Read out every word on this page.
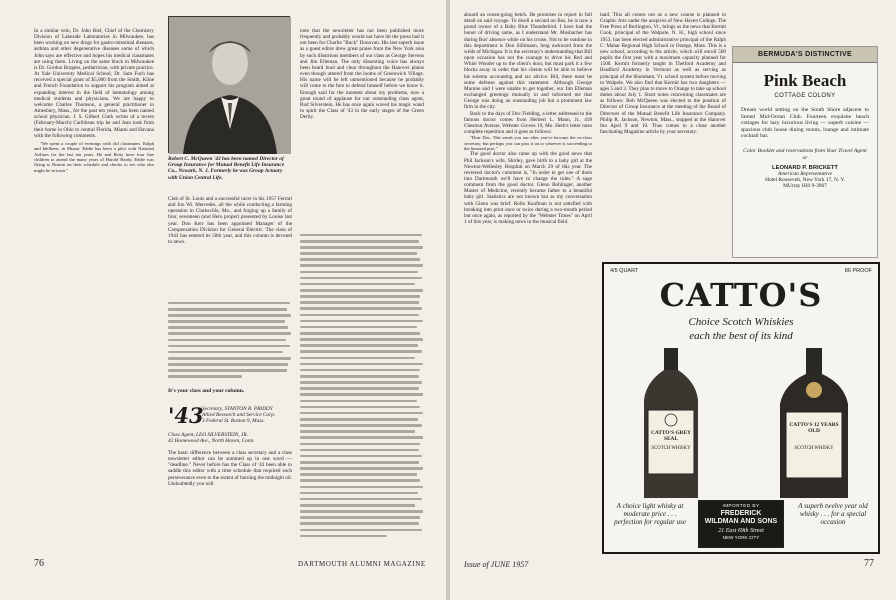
In a similar vein, Dr. John Biel, Chief of the Chemistry Division of Lakeside Laboratories in Milwaukee, has been working on new drugs for gastro-intestinal diseases, asthma and other degenerative diseases some of which John says are effective and hopes his medical classmates are using them. Living on the same block in Milwaukee is Dr. Gordon Burgess, pediatrician, with private practice. At Yale University Medical School, Dr. Sam Fuch has received a special grant of $5,000 from the Smith, Kline and French Foundation to support his program aimed at expanding interest in the field of hematology among medical students and physicians. We are happy to welcome Charles Thomson, a general practitioner in Amesbury, Mass., for the past ten years, has been named school physician. J. S. Gilbert Clark writes of a recent (February-March) Caribbean trip he and Jean took from their home in Ohio to central Florida, Miami and Havana with the following comments.

"We spent a couple of evenings with old classmates. Ralph and Idelkeen, in Miami. Eddie has been a pilot with National Airlines for the last ten years. He and Betty have four fine children to attend the many years of Harold Hardy. Eddie was flying to Boston on their schedule and checks to see who else might be in town."

Robert C. McQueen '43 has been named Director of Group Insurance for Mutual Benefit Life Insurance Co., Newark, N. J. Formerly he was Group Actuary with Union Central Life.

Club of St. Louis and a successful racer in his 1957 Ferrari and Jon Wi. Mercedes, all the while conducting a farming operation in Clarksville, Mo., and forging up a family of four, seventeen (and Hero proper) presented by Louise last year. Don Kerr has been appointed Manager of the Compensation Division for General Electric. The class of 1943 has entered its 50th year, and this column is devoted to news.

It's your class and your column.
'43
Secretary, STANTON R. PRIDDY
Allied Research and Service Corp.
3 Federal St. Boston 9, Mass.
Class Agent, LEO SILVERSTEIN, JR.
42 Homewood Ave., North Haven, Conn.

The basic difference between a class secretary and a class newsletter editor can be summed up in one word — "deadline." Never before has the Class of '43 been able to saddle this editor with a time schedule that required such perseverance even to the extent of burning the midnight oil. Undoubtedly you will

note that the newsletter has not been published more frequently and probably would not have hit the press had it not been for Charlie "Buck" Donovan. His last superb issue as a guest editor drew great praise from the New York area by such illustrious members of our class as George Stevens and Jim Elleman. The only dissenting voice has always been heard loud and clear throughout the Hanover plains even though uttered from the looms of Greenwich Village. His name will be left unmentioned because he probably will come to the fore to defend himself before we know it. Enough said for the moment about my problems, now a great round of applause for our outstanding class agent, Bud Silverstein. He has once again waved his magic wand to spirit the Class of '43 in the early stages of the Green Derby.

76	DARTMOUTH ALUMNI MAGAZINE

aboard an ocean-going ketch. He promises to report in full detail on said voyage. To dwell a second on Bus, he is now a proud owner of a Baby Blue Thunderbird. I have had the honor of driving same, as I understand Mr. Mosbacher has during Bus' absence while on his cruise. Not to be outdone in this department is Don Sillimann, long awkward from the wilds of Michigan. It is the secretary's understanding that Bill upon occasion has not the courage to drive his Red and White Wonder up to the client's door, but must park it a few blocks away in order that his clients will be able to believe his solemn accounting and tax advice. Bill, there must be some defense against this statement. Although George Munroe and I were unable to get together, our Jim Elleman exchanged greetings mutually in and informed me that George was doing an outstanding job but a prominent law firm in the city.

Back to the days of Doc Fielding, a letter addressed to the famous doctor comes from Herbert L. Mann, Jr., 418 Chestnut Avenue, Webster Groves 19, Mo. Herb's letter rates complete repetition and it goes as follows:

"Dear Doc, This sends you our after you've become the ex-class secretary, but perhaps you can pass it on to whoever is succeeding to the honored post."

The good doctor also came up with the good news that Phil Jackson's wife, Shirley, gave birth to a baby girl at the Newton-Wellesley Hospital on March 29 of this year. The reverend doctor's comment is, "In order to get one of them into Dartmouth we'll have to change the rules." A sage comment from the good doctor. Glenn Bohlinger, another Master of Medicine, recently became father to a beautiful baby girl. Statistics are not known but as my conversation with Glenn was brief. Rollo Kaufman is not satisfied with breaking into print once or twice during a two-month period but once again, as reported by the "Webster Times" on April 1 of this year, is making news in the musical field.

land. This all comes out as a new course is planned in Graphic Arts under the auspices of New Haven College. The Free Press of Burlington, Vt., brings us the news that Kermit Cook, principal of the Walpole, N. H., high school since 1953, has been elected administrative principal of the Ralph C. Mahar Regional High School in Orange, Mass. This is a new school, according to the article, which will enroll 500 pupils the first year with a maximum capacity planned for 1500. Kermit formerly taught in Thetford Academy and Bradford Academy in Vermont as well as serving as principal of the Shoreham, Vt. school system before moving to Walpole. We also find that Kermit has two daughters — ages 5 and 3. They plan to move to Orange to take up school duties about July 1. Short notes concerning classmates are as follows: Bob McQueen was elected to the position of Director of Group Insurance at the meeting of the Board of Directors of the Mutual Benefit Life Insurance Company. Philip R. Jackson, Newton, Mass., stopped at the Hanover Inn April 9 and 10. Thus comes to a close another fascinating Magazine article by your secretary.

BERMUDA'S DISTINCTIVE
Pink Beach
COTTAGE COLONY
Dream world setting on the South Shore adjacent to famed Mid-Ocean Club. Fourteen exquisite beach cottages for lazy luxurious living — superb cuisine — spacious club house dining rooms, lounge and intimate cocktail bar.
Color Booklet and reservations from Your Travel Agent or
LEONARD P. BRICKETT
American Representative
Hotel Roosevelt, New York 17, N. Y.
MUrray Hill 9-3967
4/5 QUART	86 PROOF
CATTO'S
Choice Scotch Whiskies
each the best of its kind
CATTO'S GREY SEAL
SCOTCH WHISKY
CATTO'S 12 YEARS OLD
SCOTCH WHISKY
A choice light whisky at moderate price . . . perfection for regular use
IMPORTED BY
FREDERICK WILDMAN AND SONS
21 East 69th Street
NEW YORK CITY
A superb twelve year old whisky . . . for a special occasion
Issue of JUNE 1957	77
